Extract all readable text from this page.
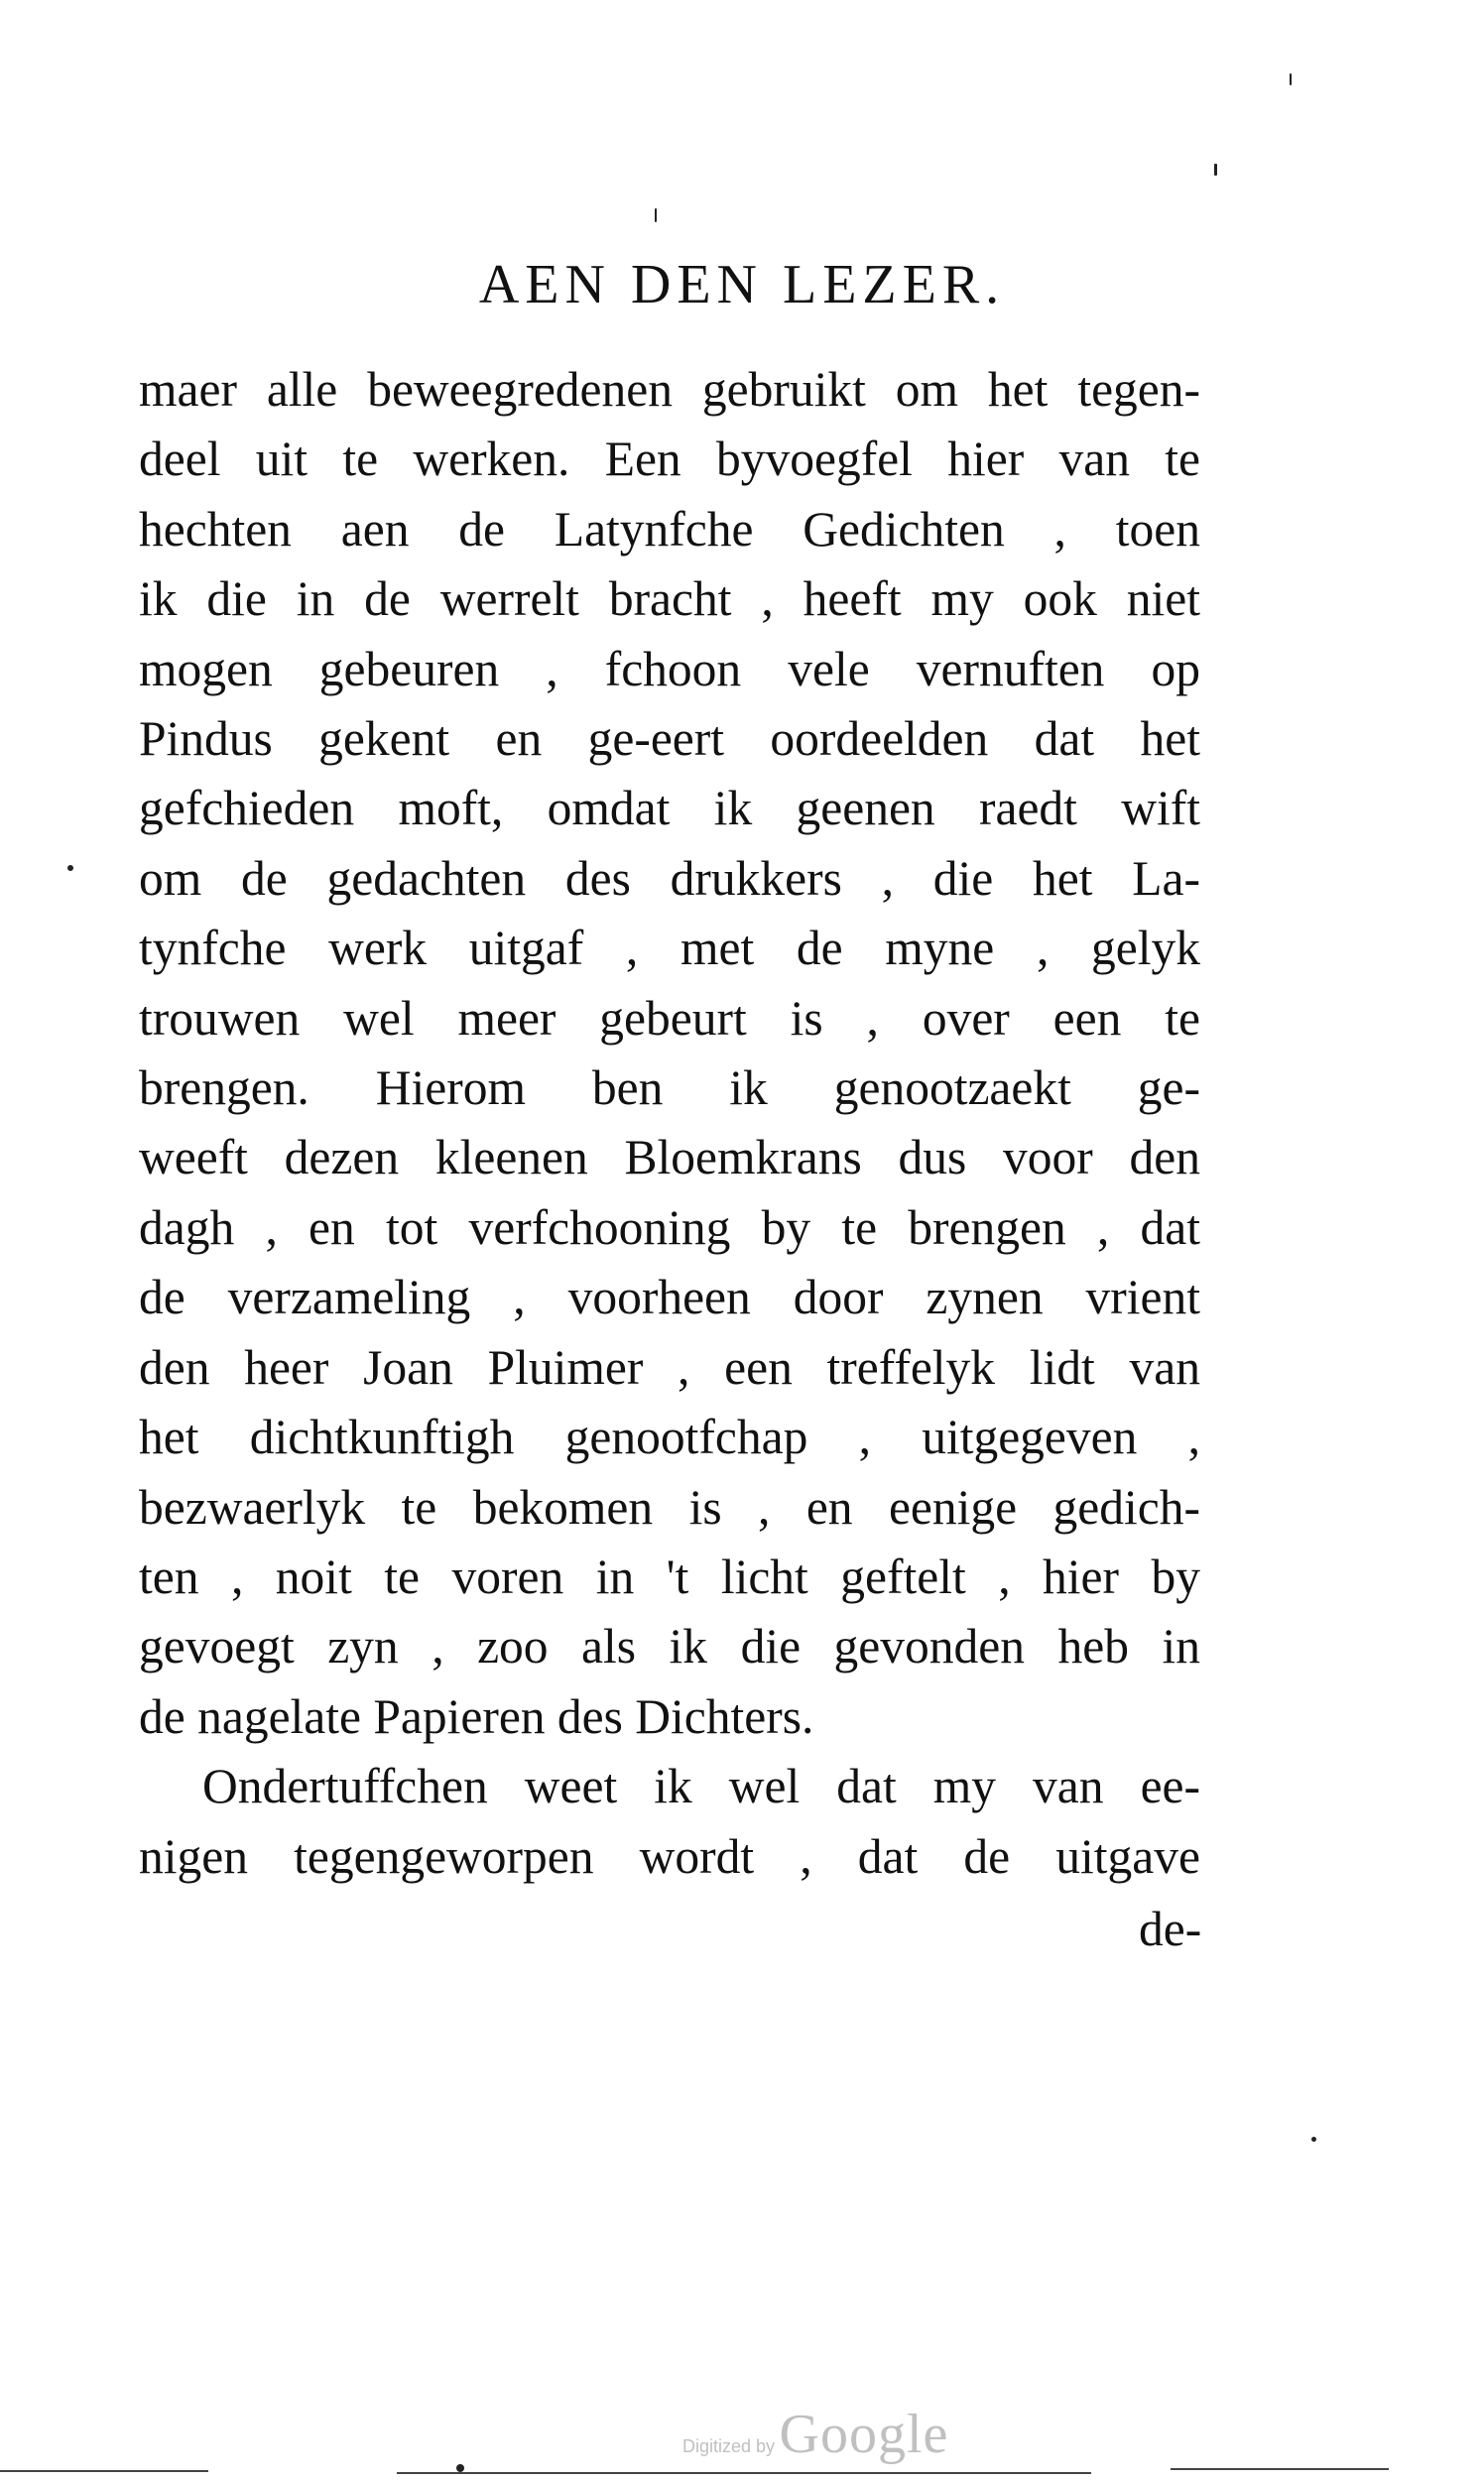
AEN DEN LEZER.
maer alle beweegredenen gebruikt om het tegen-
deel uit te werken. Een byvoegfel hier van te
hechten aen de Latynfche Gedichten , toen
ik die in de werrelt bracht , heeft my ook niet
mogen gebeuren , fchoon vele vernuften op
Pindus gekent en ge-eert oordeelden dat het
gefchieden moft, omdat ik geenen raedt wift
om de gedachten des drukkers , die het La-
tynfche werk uitgaf , met de myne , gelyk
trouwen wel meer gebeurt is , over een te
brengen. Hierom ben ik genootzaekt ge-
weeft dezen kleenen Bloemkrans dus voor den
dagh , en tot verfchooning by te brengen , dat
de verzameling , voorheen door zynen vrient
den heer Joan Pluimer , een treffelyk lidt van
het dichtkunftigh genootfchap , uitgegeven ,
bezwaerlyk te bekomen is , en eenige gedich-
ten , noit te voren in 't licht geftelt , hier by
gevoegt zyn , zoo als ik die gevonden heb in
de nagelate Papieren des Dichters.
Ondertuffchen weet ik wel dat my van ee-
nigen tegengeworpen wordt , dat de uitgave
de-
Digitized by Google
